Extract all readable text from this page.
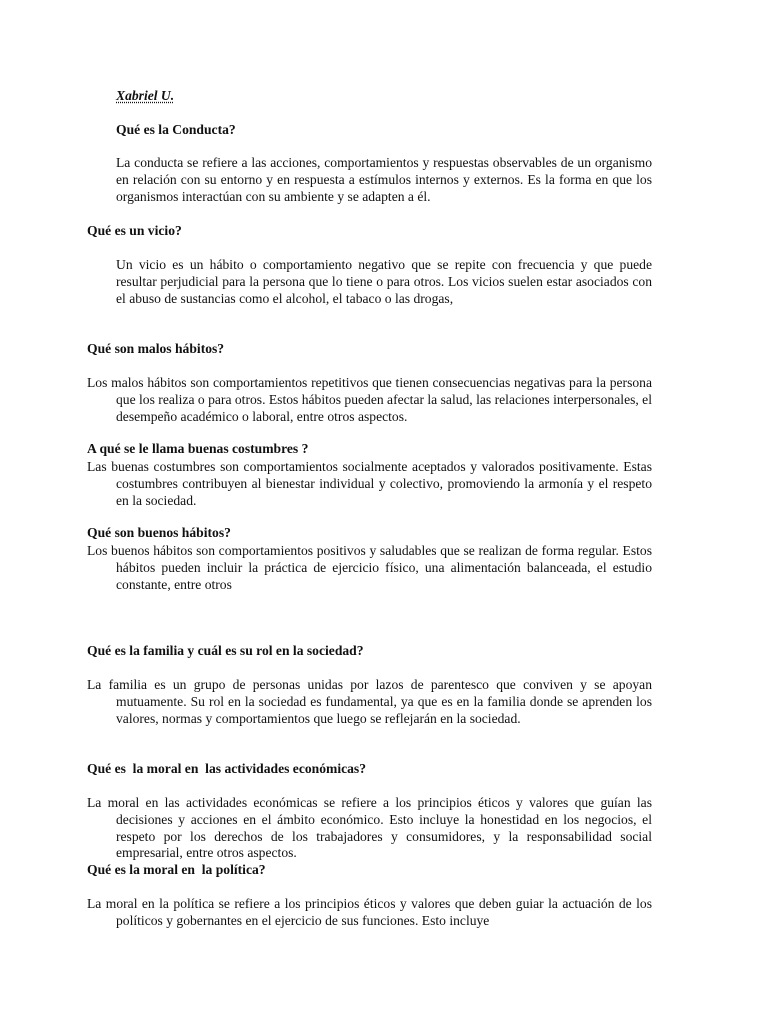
Xabriel U.
Qué es la Conducta?
La conducta se refiere a las acciones, comportamientos y respuestas observables de un organismo en relación con su entorno y en respuesta a estímulos internos y externos. Es la forma en que los organismos interactúan con su ambiente y se adapten a él.
Qué es un vicio?
Un vicio es un hábito o comportamiento negativo que se repite con frecuencia y que puede resultar perjudicial para la persona que lo tiene o para otros. Los vicios suelen estar asociados con el abuso de sustancias como el alcohol, el tabaco o las drogas,
Qué son malos hábitos?
Los malos hábitos son comportamientos repetitivos que tienen consecuencias negativas para la persona que los realiza o para otros. Estos hábitos pueden afectar la salud, las relaciones interpersonales, el desempeño académico o laboral, entre otros aspectos.
A qué se le llama buenas costumbres ?
Las buenas costumbres son comportamientos socialmente aceptados y valorados positivamente. Estas costumbres contribuyen al bienestar individual y colectivo, promoviendo la armonía y el respeto en la sociedad.
Qué son buenos hábitos?
Los buenos hábitos son comportamientos positivos y saludables que se realizan de forma regular. Estos hábitos pueden incluir la práctica de ejercicio físico, una alimentación balanceada, el estudio constante, entre otros
Qué es la familia y cuál es su rol en la sociedad?
La familia es un grupo de personas unidas por lazos de parentesco que conviven y se apoyan mutuamente. Su rol en la sociedad es fundamental, ya que es en la familia donde se aprenden los valores, normas y comportamientos que luego se reflejarán en la sociedad.
Qué es  la moral en  las actividades económicas?
La moral en las actividades económicas se refiere a los principios éticos y valores que guían las decisiones y acciones en el ámbito económico. Esto incluye la honestidad en los negocios, el respeto por los derechos de los trabajadores y consumidores, y la responsabilidad social empresarial, entre otros aspectos.
Qué es la moral en  la política?
La moral en la política se refiere a los principios éticos y valores que deben guiar la actuación de los políticos y gobernantes en el ejercicio de sus funciones. Esto incluye
